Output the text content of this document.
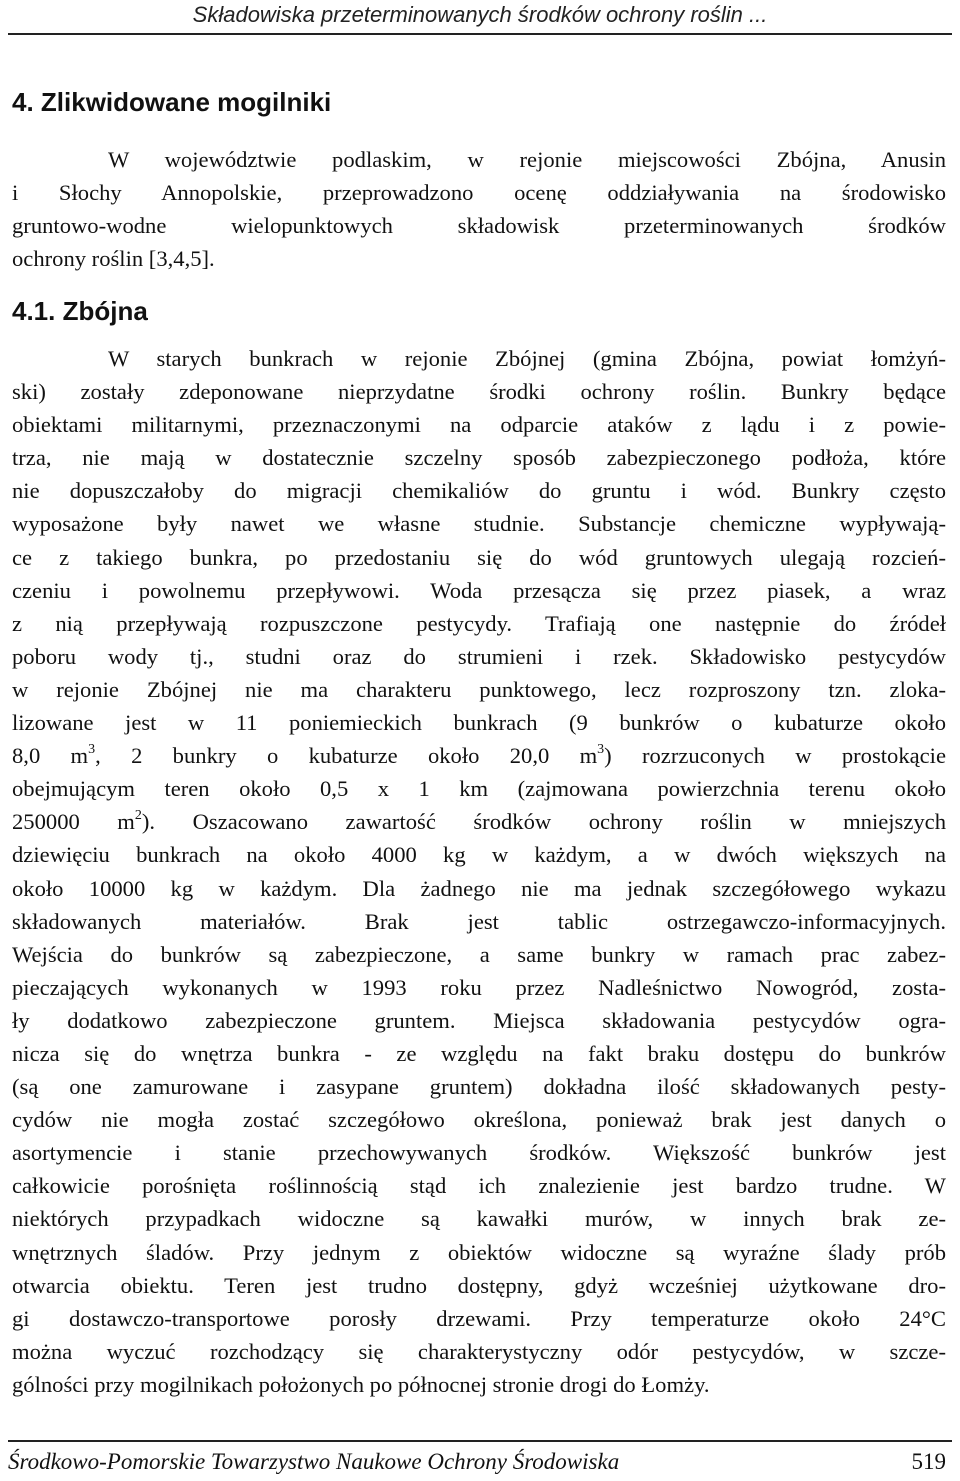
Składowiska przeterminowanych środków ochrony roślin ...
4. Zlikwidowane mogilniki
W województwie podlaskim, w rejonie miejscowości Zbójna, Anusin
i Słochy Annopolskie, przeprowadzono ocenę oddziaływania na środowisko
gruntowo-wodne wielopunktowych składowisk przeterminowanych środków
ochrony roślin [3,4,5].
4.1. Zbójna
W starych bunkrach w rejonie Zbójnej (gmina Zbójna, powiat łomżyń-
ski) zostały zdeponowane nieprzydatne środki ochrony roślin. Bunkry będące
obiektami militarnymi, przeznaczonymi na odparcie ataków z lądu i z powie-
trza, nie mają w dostatecznie szczelny sposób zabezpieczonego podłoża, które
nie dopuszczałoby do migracji chemikaliów do gruntu i wód. Bunkry często
wyposażone były nawet we własne studnie. Substancje chemiczne wypływają-
ce z takiego bunkra, po przedostaniu się do wód gruntowych ulegają rozcień-
czeniu i powolnemu przepływowi. Woda przesącza się przez piasek, a wraz
z nią przepływają rozpuszczone pestycydy. Trafiają one następnie do źródeł
poboru wody tj., studni oraz do strumieni i rzek. Składowisko pestycydów
w rejonie Zbójnej nie ma charakteru punktowego, lecz rozproszony tzn. zloka-
lizowane jest w 11 poniemieckich bunkrach (9 bunkrów o kubaturze około
8,0 $m^3$, 2 bunkry o kubaturze około 20,0 $m^3$) rozrzuconych w prostokącie
obejmującym teren około 0,5 x 1 km (zajmowana powierzchnia terenu około
250000 $m^2$). Oszacowano zawartość środków ochrony roślin w mniejszych
dziewięciu bunkrach na około 4000 kg w każdym, a w dwóch większych na
około 10000 kg w każdym. Dla żadnego nie ma jednak szczegółowego wykazu
składowanych materiałów. Brak jest tablic ostrzegawczo-informacyjnych.
Wejścia do bunkrów są zabezpieczone, a same bunkry w ramach prac zabez-
pieczających wykonanych w 1993 roku przez Nadleśnictwo Nowogród, zosta-
ły dodatkowo zabezpieczone gruntem. Miejsca składowania pestycydów ogra-
nicza się do wnętrza bunkra - ze względu na fakt braku dostępu do bunkrów
(są one zamurowane i zasypane gruntem) dokładna ilość składowanych pesty-
cydów nie mogła zostać szczegółowo określona, ponieważ brak jest danych o
asortymencie i stanie przechowywanych środków. Większość bunkrów jest
całkowicie porośnięta roślinnością stąd ich znalezienie jest bardzo trudne. W
niektórych przypadkach widoczne są kawałki murów, w innych brak ze-
wnętrznych śladów. Przy jednym z obiektów widoczne są wyraźne ślady prób
otwarcia obiektu. Teren jest trudno dostępny, gdyż wcześniej użytkowane dro-
gi dostawczo-transportowe porosły drzewami. Przy temperaturze około 24°C
można wyczuć rozchodzący się charakterystyczny odór pestycydów, w szcze-
gólności przy mogilnikach położonych po północnej stronie drogi do Łomży.
Środkowo-Pomorskie Towarzystwo Naukowe Ochrony Środowiska	519
